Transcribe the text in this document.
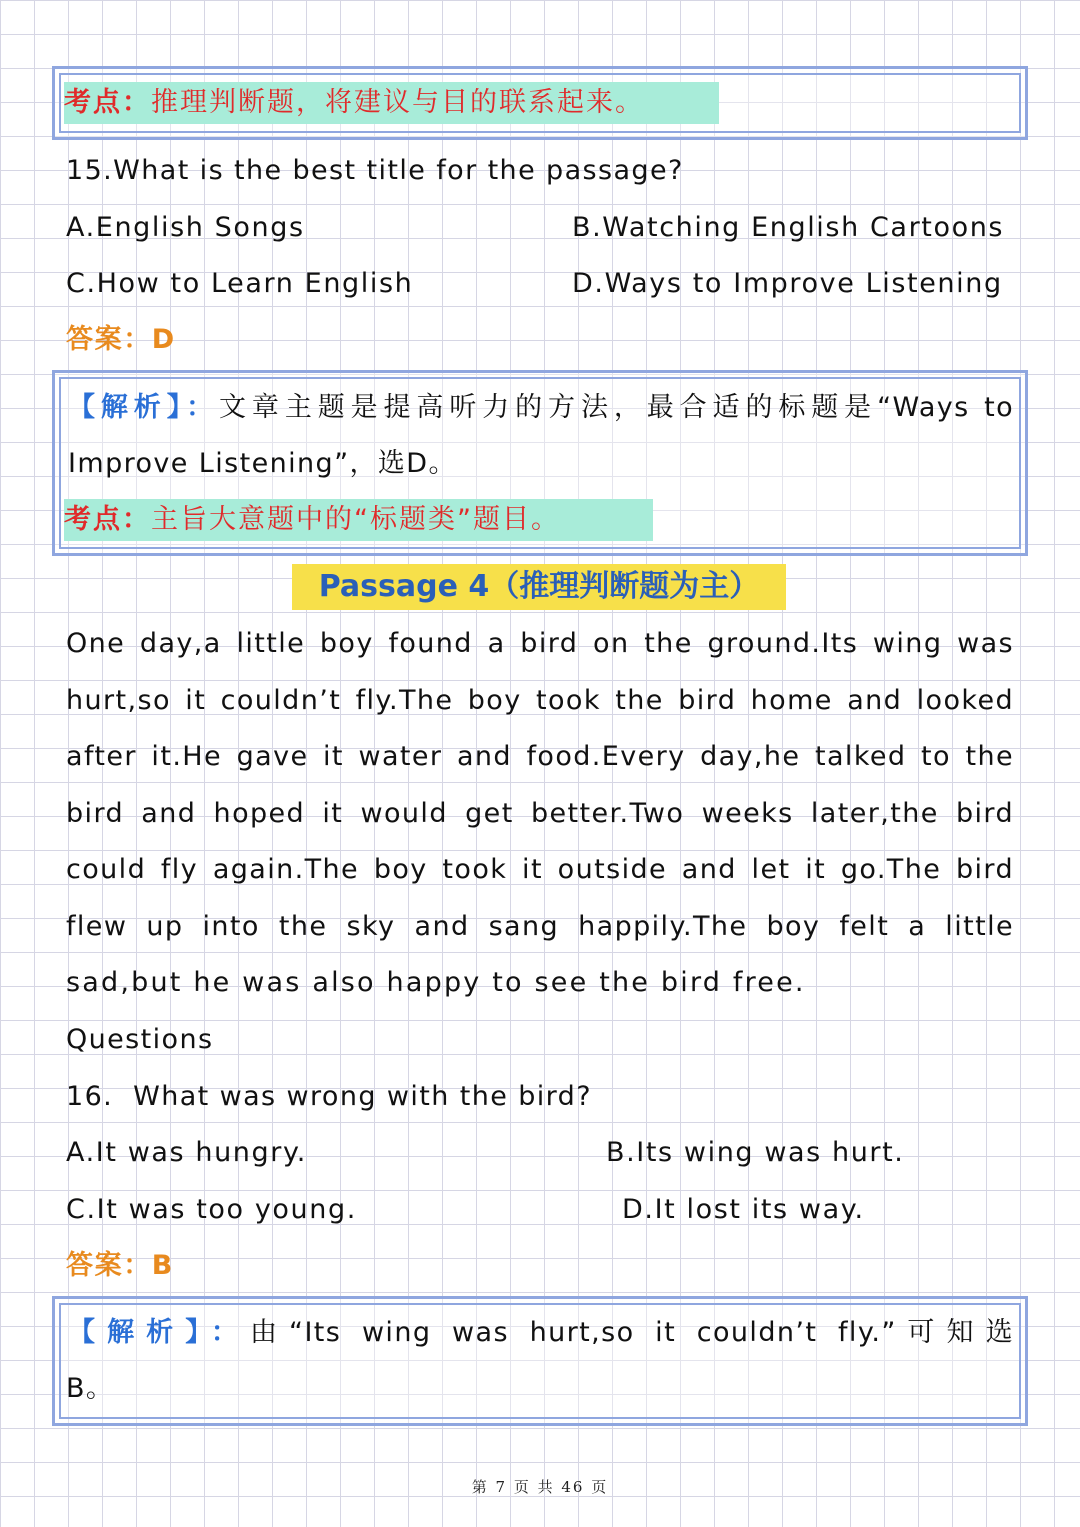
考点：推理判断题，将建议与目的联系起来。
15.What is the best title for the passage?
A.English Songs	B.Watching English Cartoons
C.How to Learn English	D.Ways to Improve Listening
答案：D
【解析】：文章主题是提高听力的方法，最合适的标题是“Ways to
Improve Listening”，选D。
考点：主旨大意题中的“标题类”题目。
Passage 4（推理判断题为主）
One day,a little boy found a bird on the ground.Its wing was
hurt,so it couldn’t fly.The boy took the bird home and looked
after it.He gave it water and food.Every day,he talked to the
bird and hoped it would get better.Two weeks later,the bird
could fly again.The boy took it outside and let it go.The bird
flew up into the sky and sang happily.The boy felt a little
sad,but he was also happy to see the bird free.
Questions
16.  What was wrong with the bird?
A.It was hungry.	B.Its wing was hurt.
C.It was too young.	D.It lost its way.
答案：B
【解析】：由“Its wing was hurt,so it couldn’t fly.”可知选
B。
第 7 页 共 46 页
